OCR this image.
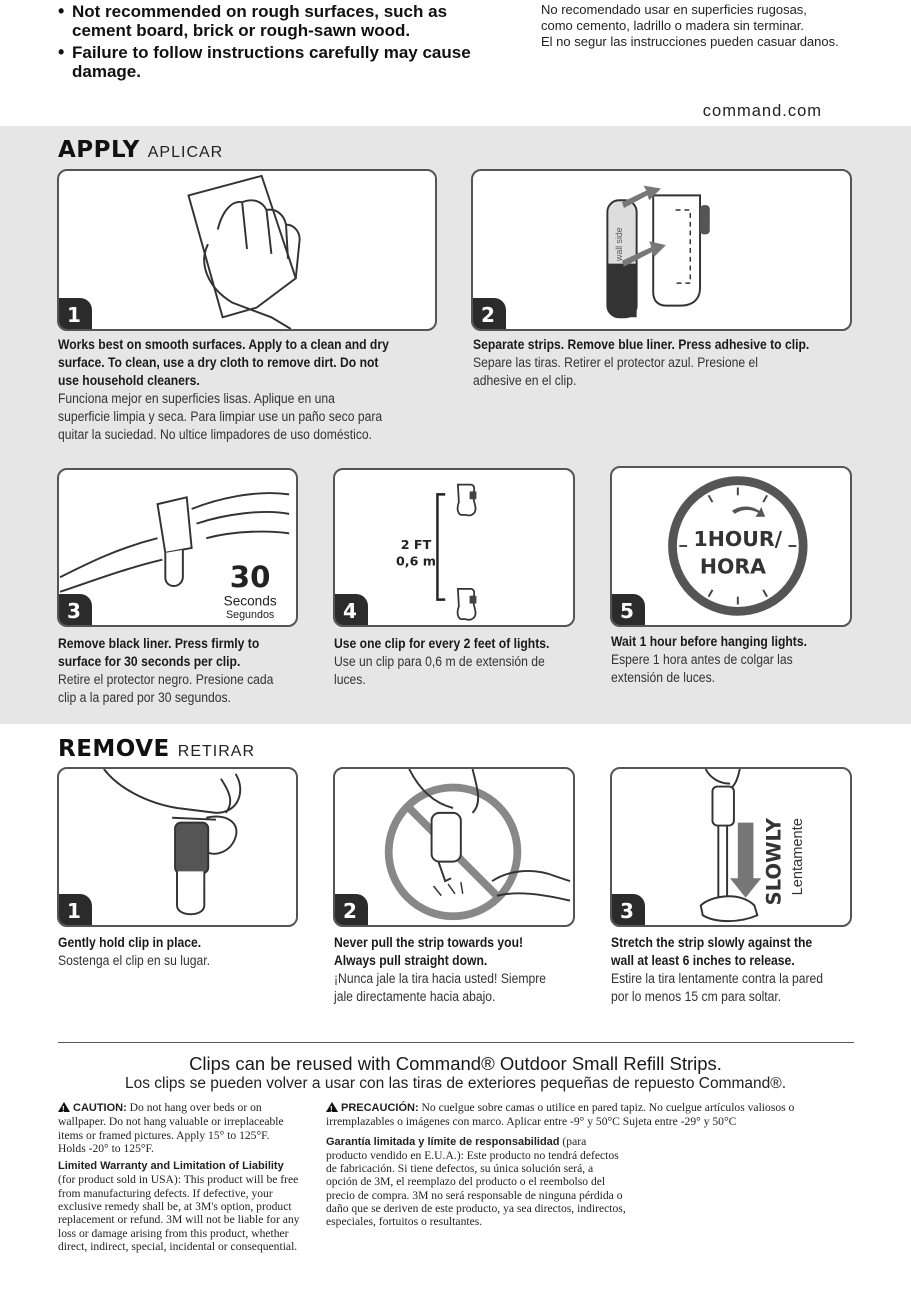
• Not recommended on rough surfaces, such as cement board, brick or rough-sawn wood.
• Failure to follow instructions carefully may cause damage.
No recomendado usar en superficies rugosas,
como cemento, ladrillo o madera sin terminar.
El no segur las instrucciones pueden casuar danos.
command.com
APPLY APLICAR
1
Works best on smooth surfaces. Apply to a clean and dry
surface. To clean, use a dry cloth to remove dirt. Do not
use household cleaners.
Funciona mejor en superficies lisas. Aplique en una
superficie limpia y seca. Para limpiar use un paño seco para
quitar la suciedad. No ultice limpadores de uso doméstico.
wall side
2
Separate strips. Remove blue liner. Press adhesive to clip.
Separe las tiras. Retirer el protector azul. Presione el
adhesive en el clip.
30
Seconds
Segundos
3
Remove black liner. Press firmly to
surface for 30 seconds per clip.
Retire el protector negro. Presione cada
clip a la pared por 30 segundos.
2 FT
0,6 m
4
Use one clip for every 2 feet of lights.
Use un clip para 0,6 m de extensión de
luces.
1HOUR/
HORA
5
Wait 1 hour before hanging lights.
Espere 1 hora antes de colgar las
extensión de luces.
REMOVE RETIRAR
1
Gently hold clip in place.
Sostenga el clip en su lugar.
2
Never pull the strip towards you!
Always pull straight down.
¡Nunca jale la tira hacia usted! Siempre
jale directamente hacia abajo.
SLOWLY Lentamente
3
Stretch the strip slowly against the
wall at least 6 inches to release.
Estire la tira lentamente contra la pared
por lo menos 15 cm para soltar.
Clips can be reused with Command® Outdoor Small Refill Strips.
Los clips se pueden volver a usar con las tiras de exteriores pequeñas de repuesto Command®.

!CAUTION: Do not hang over beds or on wallpaper. Do not hang valuable or irreplaceable items or framed pictures. Apply 15° to 125°F. Holds -20° to 125°F.

Limited Warranty and Limitation of Liability (for product sold in USA): This product will be free from manufacturing defects. If defective, your exclusive remedy shall be, at 3M's option, product replacement or refund. 3M will not be liable for any loss or damage arising from this product, whether direct, indirect, special, incidental or consequential.

!PRECAUCIÓN: No cuelgue sobre camas o utilice en pared tapiz. No cuelgue artículos valiosos o irremplazables o imágenes con marco. Aplicar entre -9° y 50°C Sujeta entre -29° y 50°C

Garantía limitada y límite de responsabilidad (para producto vendido en E.U.A.): Este producto no tendrá defectos de fabricación. Si tiene defectos, su única solución será, a opción de 3M, el reemplazo del producto o el reembolso del precio de compra. 3M no será responsable de ninguna pérdida o daño que se deriven de este producto, ya sea directos, indirectos, especiales, fortuitos o resultantes.
